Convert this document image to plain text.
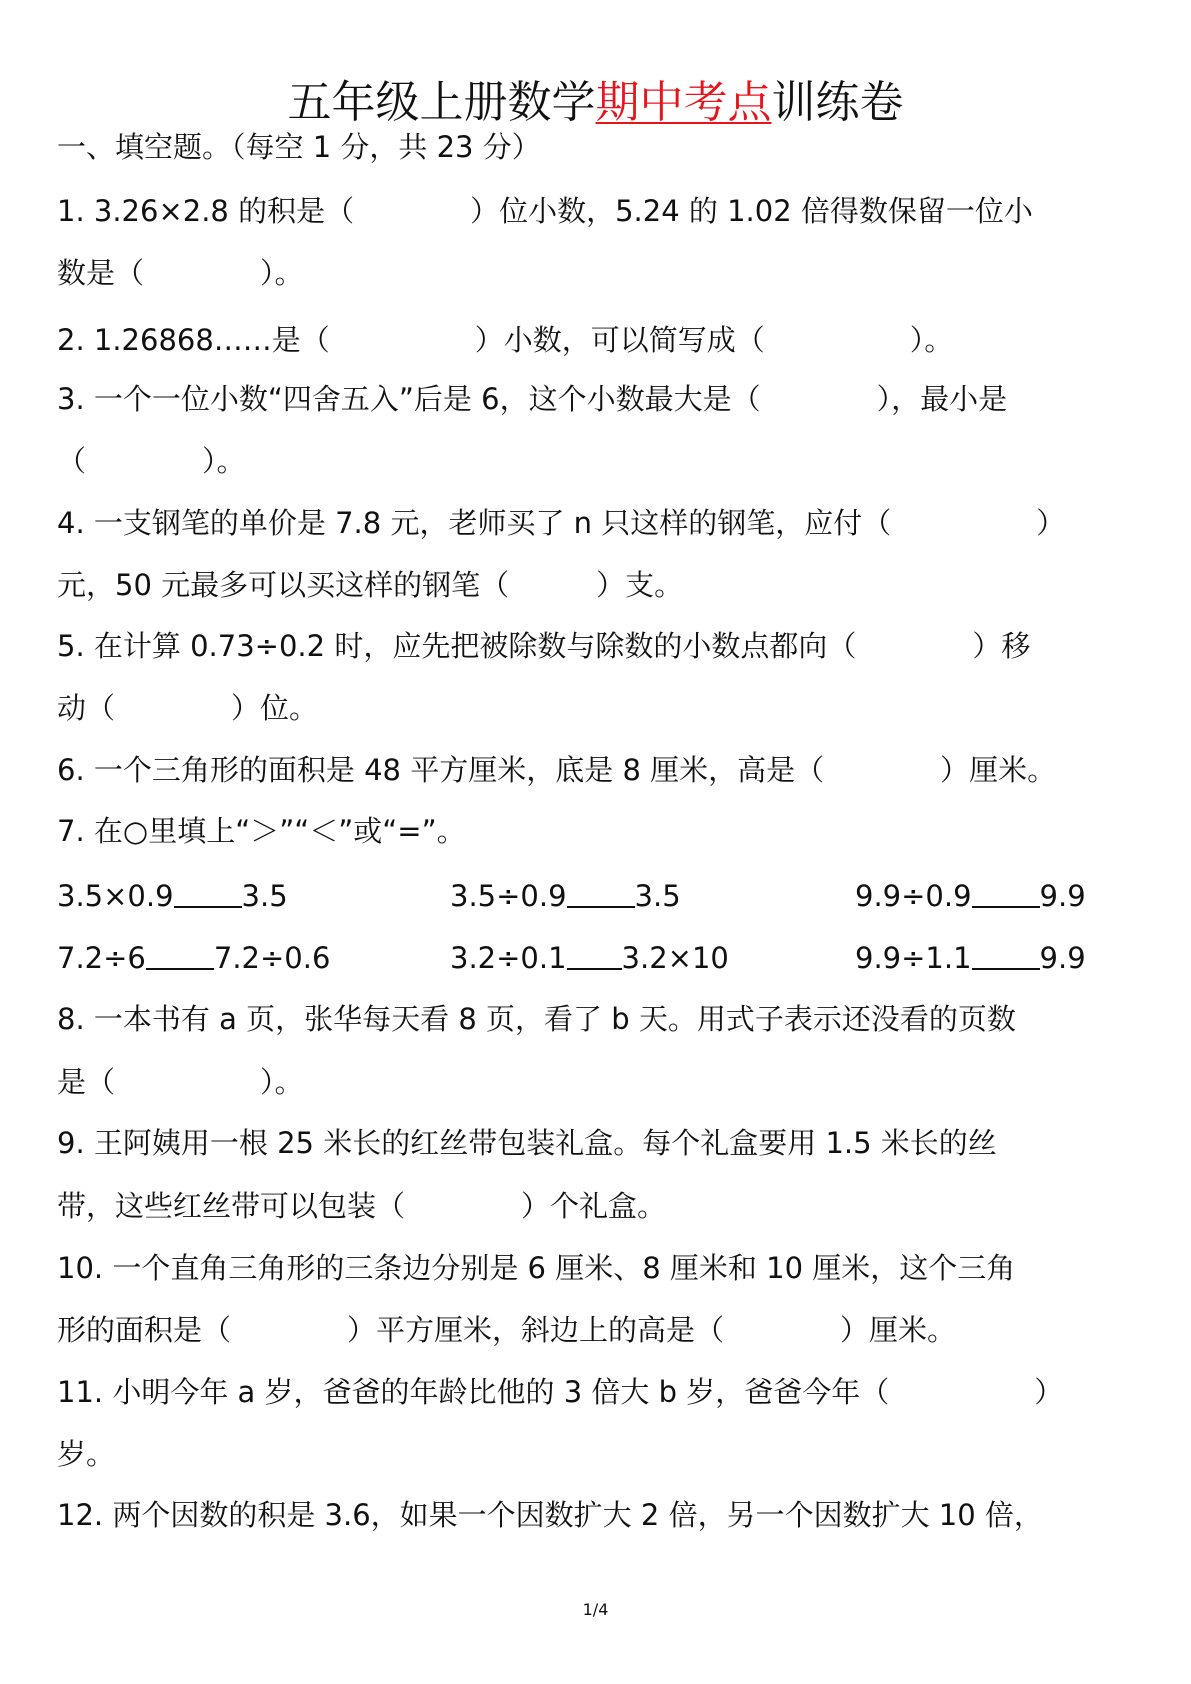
五年级上册数学期中考点训练卷
一、填空题。（每空 1 分，共 23 分）
1. 3.26×2.8 的积是（　　　　）位小数，5.24 的 1.02 倍得数保留一位小
数是（　　　　）。
2. 1.26868……是（　　　　　）小数，可以简写成（　　　　　）。
3. 一个一位小数“四舍五入”后是 6，这个小数最大是（　　　　），最小是
（　　　　）。
4. 一支钢笔的单价是 7.8 元，老师买了 n 只这样的钢笔，应付（　　　　　）
元，50 元最多可以买这样的钢笔（　　　）支。
5. 在计算 0.73÷0.2 时，应先把被除数与除数的小数点都向（　　　　）移
动（　　　　）位。
6. 一个三角形的面积是 48 平方厘米，底是 8 厘米，高是（　　　　）厘米。
7. 在○里填上“＞”“＜”或“=”。
3.5×0.9 3.5	3.5÷0.9 3.5	9.9÷0.9 9.9
7.2÷6 7.2÷0.6	3.2÷0.1 3.2×10	9.9÷1.1 9.9
8. 一本书有 a 页，张华每天看 8 页，看了 b 天。用式子表示还没看的页数
是（　　　　　）。
9. 王阿姨用一根 25 米长的红丝带包装礼盒。每个礼盒要用 1.5 米长的丝
带，这些红丝带可以包装（　　　　）个礼盒。
10. 一个直角三角形的三条边分别是 6 厘米、8 厘米和 10 厘米，这个三角
形的面积是（　　　　）平方厘米，斜边上的高是（　　　　）厘米。
11. 小明今年 a 岁，爸爸的年龄比他的 3 倍大 b 岁，爸爸今年（　　　　　）
岁。
12. 两个因数的积是 3.6，如果一个因数扩大 2 倍，另一个因数扩大 10 倍，
1/4
